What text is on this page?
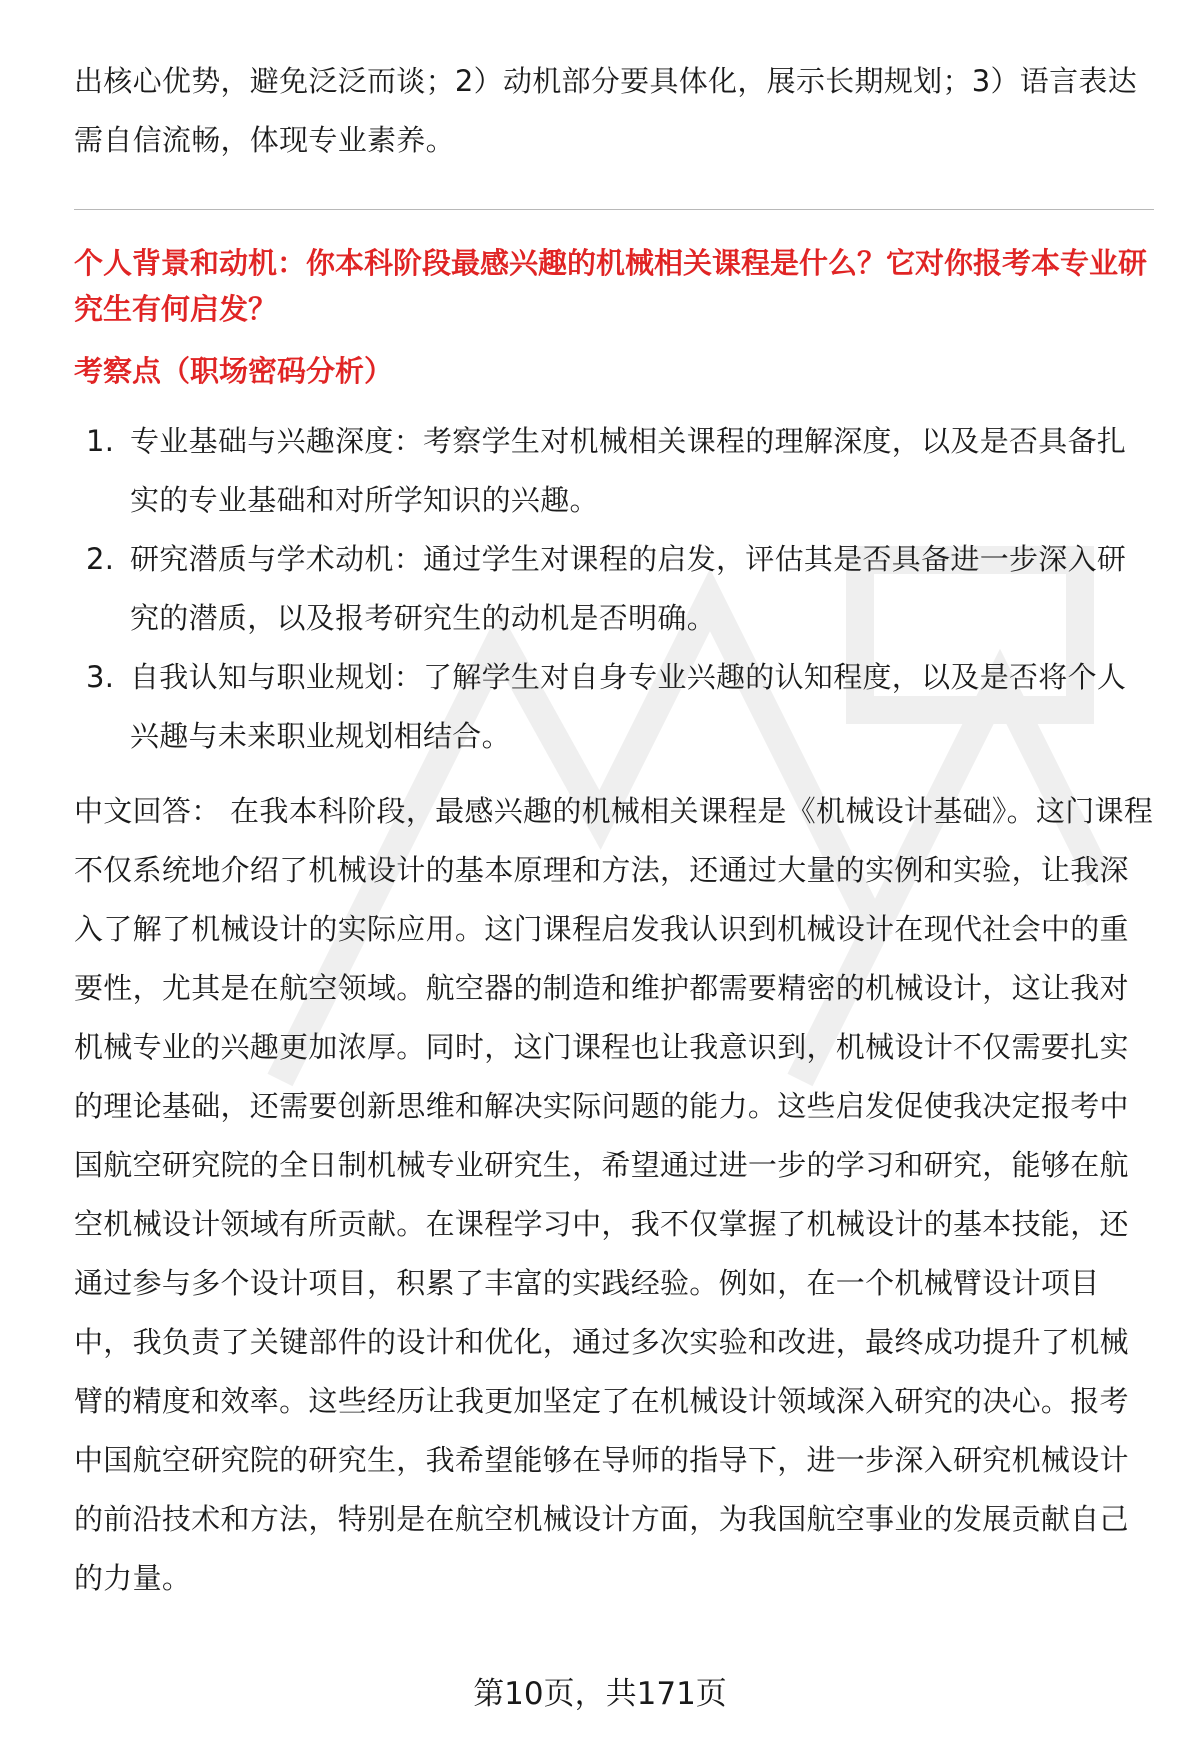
出核心优势，避免泛泛而谈；2）动机部分要具体化，展示长期规划；3）语言表达需自信流畅，体现专业素养。

个人背景和动机：你本科阶段最感兴趣的机械相关课程是什么？它对你报考本专业研究生有何启发？

考察点（职场密码分析）

1. 专业基础与兴趣深度：考察学生对机械相关课程的理解深度，以及是否具备扎实的专业基础和对所学知识的兴趣。
2. 研究潜质与学术动机：通过学生对课程的启发，评估其是否具备进一步深入研究的潜质，以及报考研究生的动机是否明确。
3. 自我认知与职业规划：了解学生对自身专业兴趣的认知程度，以及是否将个人兴趣与未来职业规划相结合。

中文回答： 在我本科阶段，最感兴趣的机械相关课程是《机械设计基础》。这门课程不仅系统地介绍了机械设计的基本原理和方法，还通过大量的实例和实验，让我深入了解了机械设计的实际应用。这门课程启发我认识到机械设计在现代社会中的重要性，尤其是在航空领域。航空器的制造和维护都需要精密的机械设计，这让我对机械专业的兴趣更加浓厚。同时，这门课程也让我意识到，机械设计不仅需要扎实的理论基础，还需要创新思维和解决实际问题的能力。这些启发促使我决定报考中国航空研究院的全日制机械专业研究生，希望通过进一步的学习和研究，能够在航空机械设计领域有所贡献。在课程学习中，我不仅掌握了机械设计的基本技能，还通过参与多个设计项目，积累了丰富的实践经验。例如，在一个机械臂设计项目中，我负责了关键部件的设计和优化，通过多次实验和改进，最终成功提升了机械臂的精度和效率。这些经历让我更加坚定了在机械设计领域深入研究的决心。报考中国航空研究院的研究生，我希望能够在导师的指导下，进一步深入研究机械设计的前沿技术和方法，特别是在航空机械设计方面，为我国航空事业的发展贡献自己的力量。

第10页，共171页
